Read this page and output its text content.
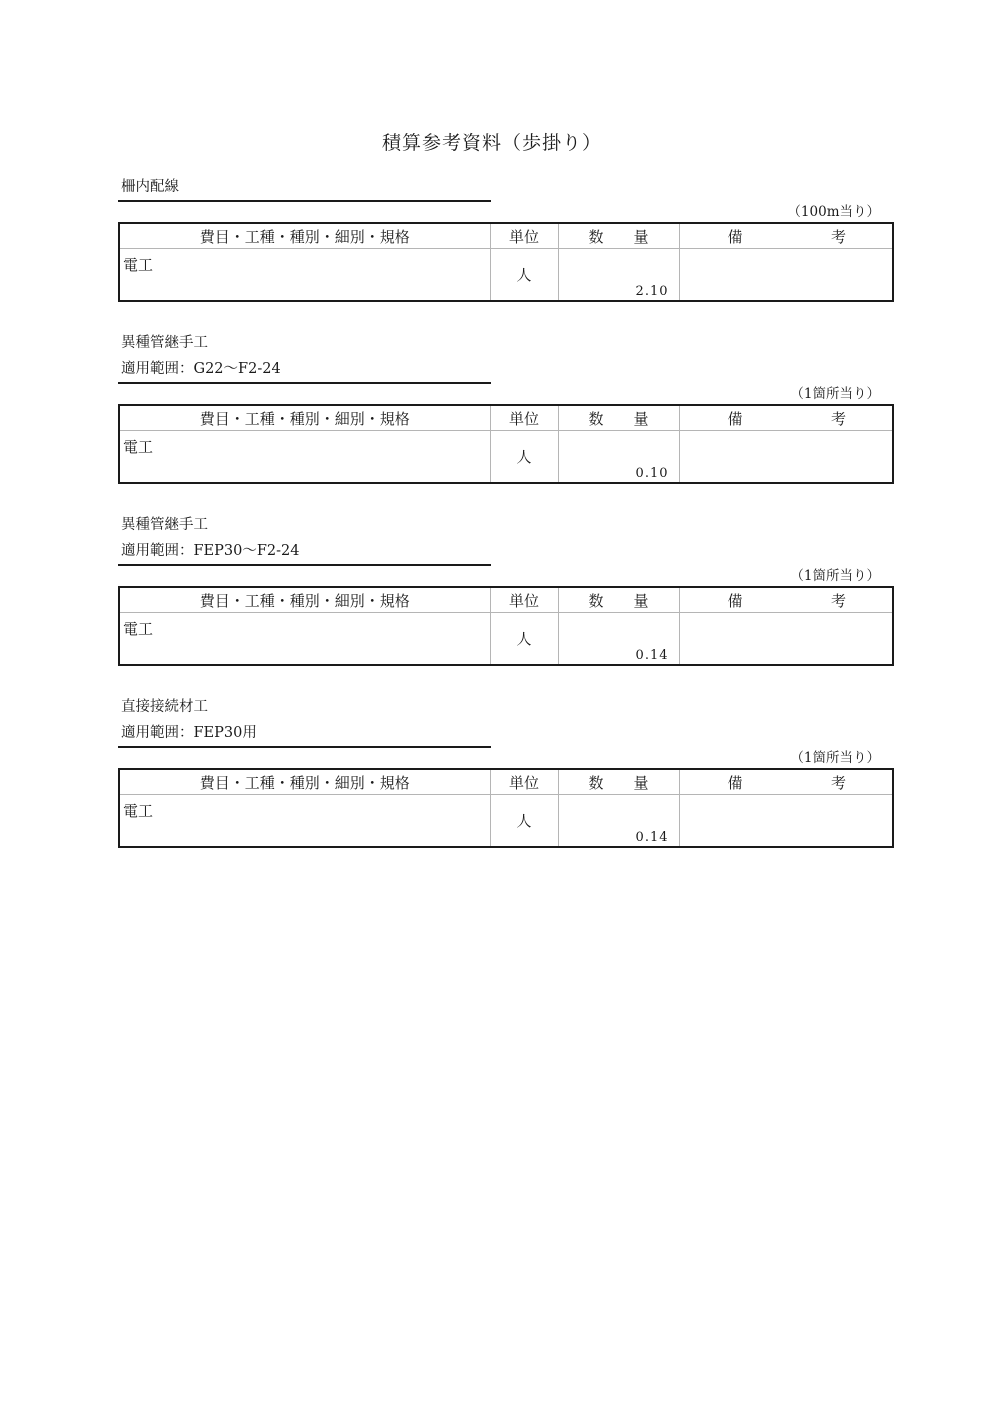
積算参考資料（歩掛り）
柵内配線
（100m当り）
費目・工種・種別・細別・規格	単位	数　　 量	備 考

電工	人	2.10	

異種管継手工
適用範囲：G22～F2-24
（1箇所当り）
費目・工種・種別・細別・規格	単位	数　　 量	備 考

電工	人	0.10	

異種管継手工
適用範囲：FEP30～F2-24
（1箇所当り）
費目・工種・種別・細別・規格	単位	数　　 量	備 考

電工	人	0.14	

直接接続材工
適用範囲：FEP30用
（1箇所当り）
費目・工種・種別・細別・規格	単位	数　　 量	備 考

電工	人	0.14	
